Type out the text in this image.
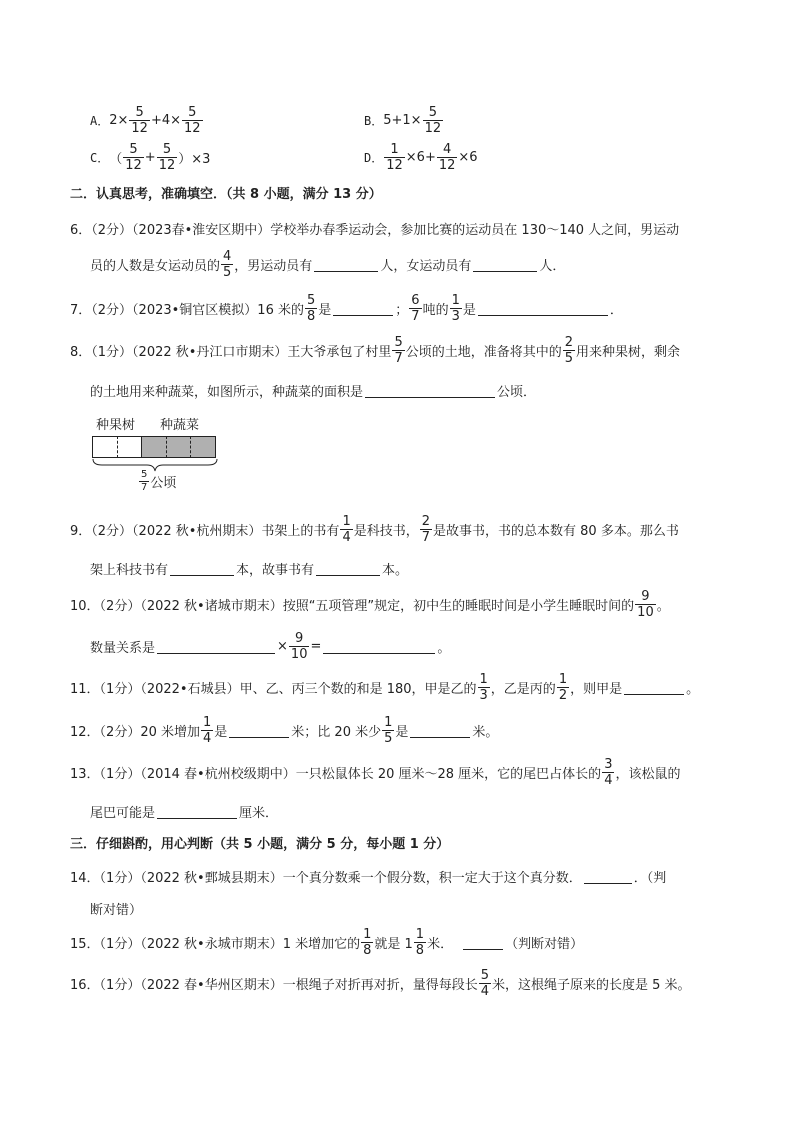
A． $2\times \frac{5}{12} +4\times \frac{5}{12}$	B． $5+1\times \frac{5}{12}$
C． （ $\frac{5}{12} + \frac{5}{12} )\times 3$	D． $\frac{1}{12} \times 6+ \frac{4}{12} \times 6$
二．认真思考，准确填空．（共 8 小题，满分 13 分）
6．（2分）（2023春•淮安区期中）学校举办春季运动会，参加比赛的运动员在 130～140 人之间，男运动
员的人数是女运动员的 $\frac{4}{5}$ ，男运动员有	人，女运动员有	人．
7．（2分）（2023•铜官区模拟）16 米的 $\frac{5}{8}$ 是	； $\frac{6}{7}$ 吨的 $\frac{1}{3}$ 是	．
8．（1分）（2022 秋•丹江口市期末）王大爷承包了村里 $\frac{5}{7}$ 公顷的土地，准备将其中的 $\frac{2}{5}$ 用来种果树，剩余
的土地用来种蔬菜，如图所示，种蔬菜的面积是	公顷．
种果树 种蔬菜
$\frac{5}{7}$ 公顷
9．（2分）（2022 秋•杭州期末）书架上的书有 $\frac{1}{4}$ 是科技书， $\frac{2}{7}$ 是故事书，书的总本数有 80 多本。那么书
架上科技书有	本，故事书有	本。
10．（2分）（2022 秋•诸城市期末）按照“五项管理”规定，初中生的睡眠时间是小学生睡眠时间的 $\frac{9}{10}$ 。
数量关系是	× $\frac{9}{10}$ =	。
11．（1分）（2022•石城县）甲、乙、丙三个数的和是 180，甲是乙的 $\frac{1}{3}$ ，乙是丙的 $\frac{1}{2}$ ，则甲是	。
12．（2分）20 米增加 $\frac{1}{4}$ 是	米；比 20 米少 $\frac{1}{5}$ 是	米。
13．（1分）（2014 春•杭州校级期中）一只松鼠体长 20 厘米～28 厘米，它的尾巴占体长的 $\frac{3}{4}$ ，该松鼠的
尾巴可能是	厘米．
三．仔细斟酌，用心判断（共 5 小题，满分 5 分，每小题 1 分）
14．（1分）（2022 秋•鄄城县期末）一个真分数乘一个假分数，积一定大于这个真分数．	．（判
断对错）
15．（1分）（2022 秋•永城市期末）1 米增加它的 $\frac{1}{8}$ 就是 $1 \frac{1}{8}$ 米．	（判断对错）
16．（1分）（2022 春•华州区期末）一根绳子对折再对折，量得每段长 $\frac{5}{4}$ 米，这根绳子原来的长度是 5 米。
